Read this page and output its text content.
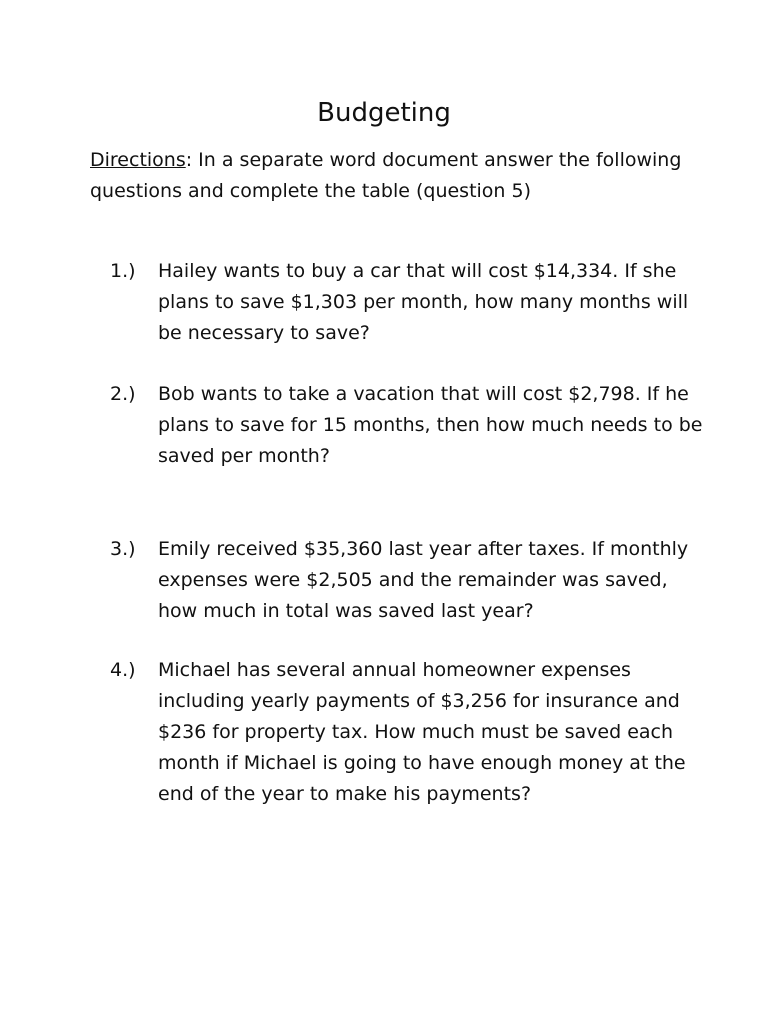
Budgeting
Directions: In a separate word document answer the following questions and complete the table (question 5)
1.)	Hailey wants to buy a car that will cost $14,334. If she plans to save $1,303 per month, how many months will be necessary to save?
2.)	Bob wants to take a vacation that will cost $2,798. If he plans to save for 15 months, then how much needs to be saved per month?
3.)	Emily received $35,360 last year after taxes. If monthly expenses were $2,505 and the remainder was saved, how much in total was saved last year?
4.)	Michael has several annual homeowner expenses including yearly payments of $3,256 for insurance and $236 for property tax. How much must be saved each month if Michael is going to have enough money at the end of the year to make his payments?
